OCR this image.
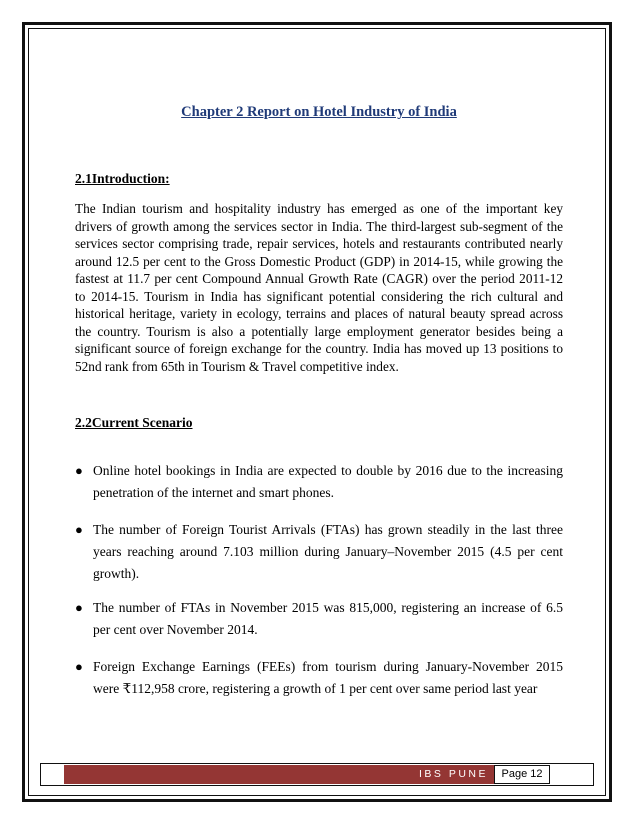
Chapter 2 Report on Hotel Industry of India
2.1Introduction:

The Indian tourism and hospitality industry has emerged as one of the important key drivers of growth among the services sector in India. The third-largest sub-segment of the services sector comprising trade, repair services, hotels and restaurants contributed nearly around 12.5 per cent to the Gross Domestic Product (GDP) in 2014-15, while growing the fastest at 11.7 per cent Compound Annual Growth Rate (CAGR) over the period 2011-12 to 2014-15. Tourism in India has significant potential considering the rich cultural and historical heritage, variety in ecology, terrains and places of natural beauty spread across the country. Tourism is also a potentially large employment generator besides being a significant source of foreign exchange for the country. India has moved up 13 positions to 52nd rank from 65th in Tourism & Travel competitive index.

2.2Current Scenario
● Online hotel bookings in India are expected to double by 2016 due to the increasing penetration of the internet and smart phones.
● The number of Foreign Tourist Arrivals (FTAs) has grown steadily in the last three years reaching around 7.103 million during January–November 2015 (4.5 per cent growth).
● The number of FTAs in November 2015 was 815,000, registering an increase of 6.5 per cent over November 2014.
● Foreign Exchange Earnings (FEEs) from tourism during January-November 2015 were ₹112,958 crore, registering a growth of 1 per cent over same period last year
IBS PUNE	Page 12
